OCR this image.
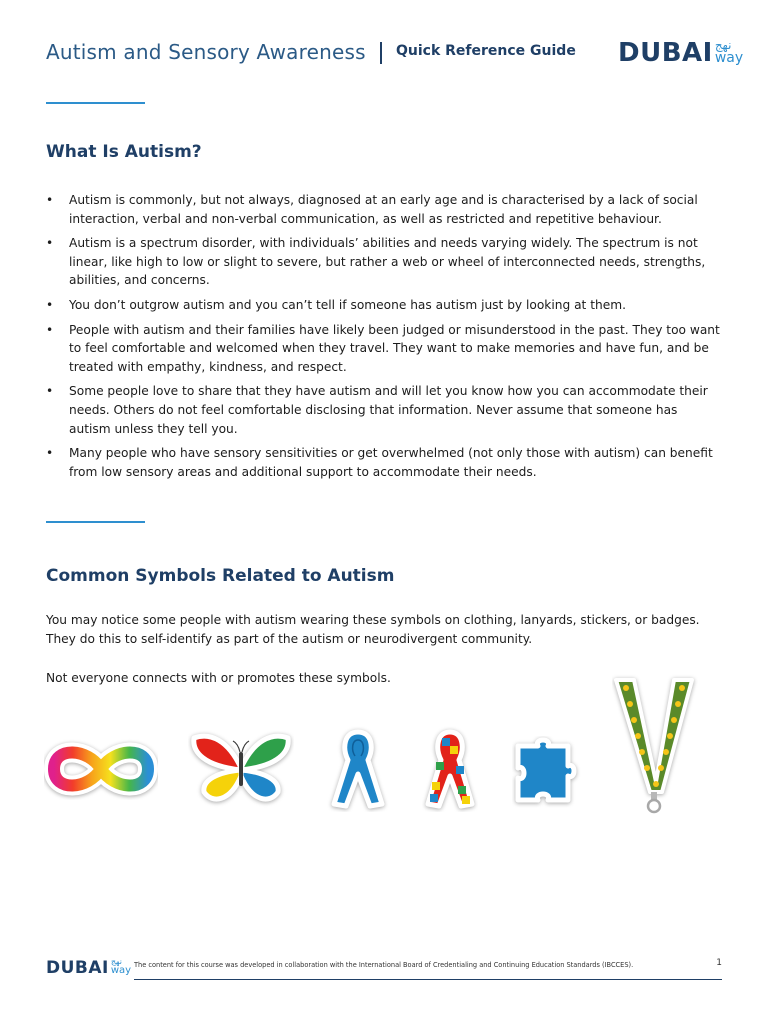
Autism and Sensory Awareness Quick Reference Guide DUBAI نهج
way
What Is Autism?
• Autism is commonly, but not always, diagnosed at an early age and is characterised by a lack of social interaction, verbal and non-verbal communication, as well as restricted and repetitive behaviour.
• Autism is a spectrum disorder, with individuals’ abilities and needs varying widely. The spectrum is not linear, like high to low or slight to severe, but rather a web or wheel of interconnected needs, strengths, abilities, and concerns.
• You don’t outgrow autism and you can’t tell if someone has autism just by looking at them.
• People with autism and their families have likely been judged or misunderstood in the past. They too want to feel comfortable and welcomed when they travel. They want to make memories and have fun, and be treated with empathy, kindness, and respect.
• Some people love to share that they have autism and will let you know how you can accommodate their needs. Others do not feel comfortable disclosing that information. Never assume that someone has autism unless they tell you.
• Many people who have sensory sensitivities or get overwhelmed (not only those with autism) can benefit from low sensory areas and additional support to accommodate their needs.
Common Symbols Related to Autism

You may notice some people with autism wearing these symbols on clothing, lanyards, stickers, or badges. They do this to self-identify as part of the autism or neurodivergent community.

Not everyone connects with or promotes these symbols.

DUBAI نهج
way The content for this course was developed in collaboration with the International Board of Credentialing and Continuing Education Standards (IBCCES).	1
